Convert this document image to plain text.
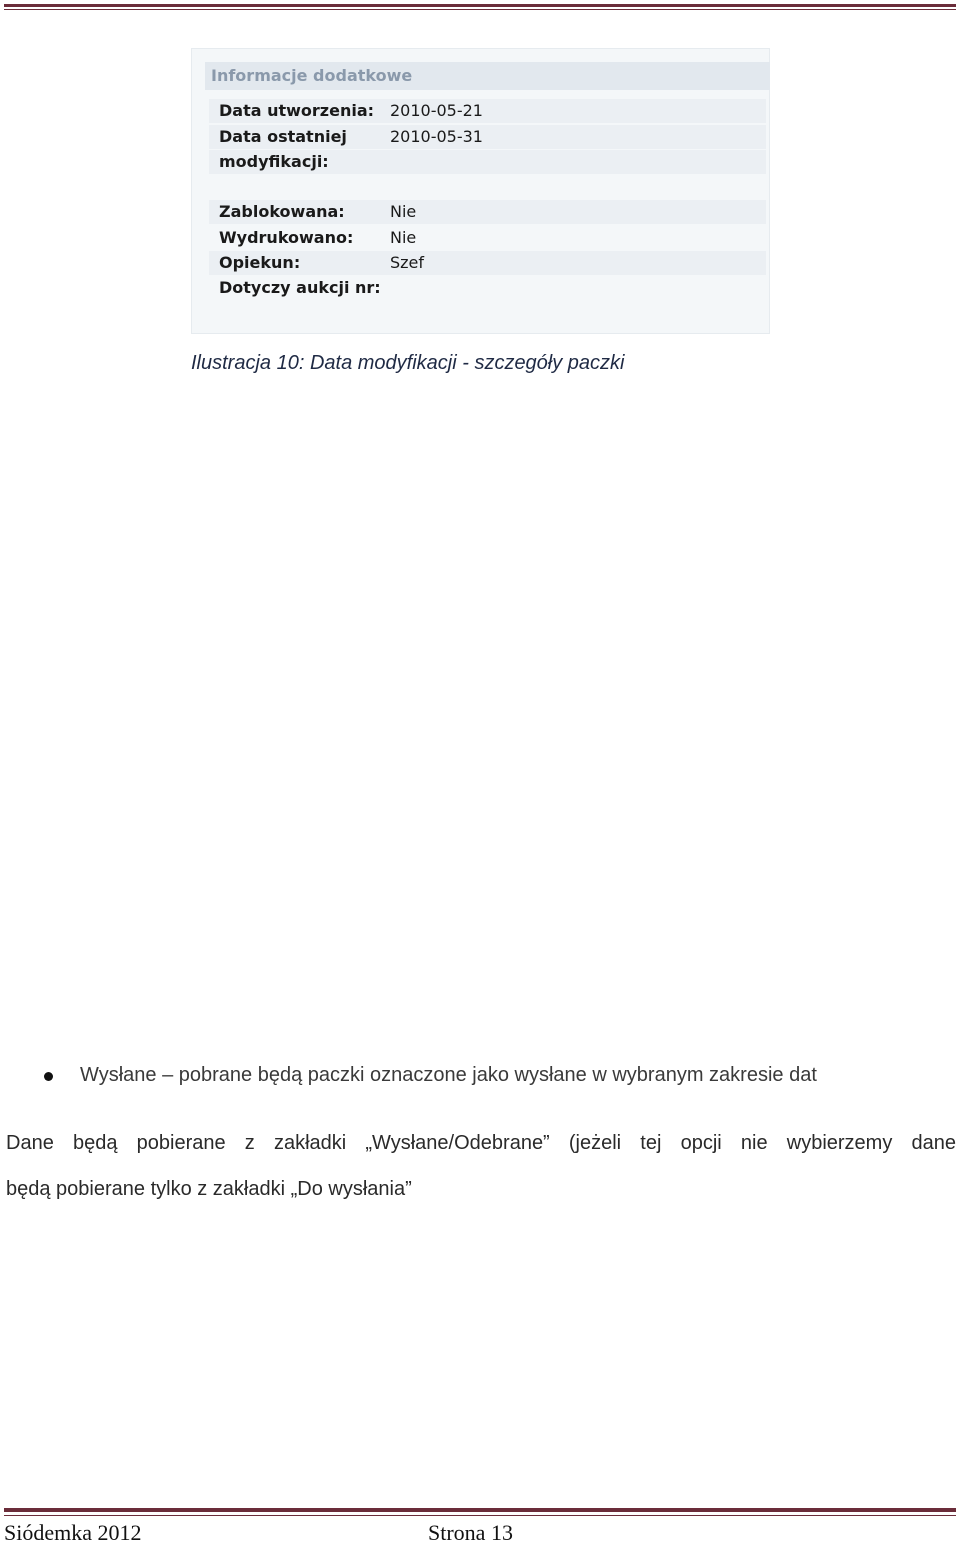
Informacje dodatkowe
Data utworzenia: 2010-05-21
Data ostatniej	2010-05-31
modyfikacji:
Zablokowana:	Nie
Wydrukowano: Nie
Opiekun:	Szef
Dotyczy aukcji nr:
Ilustracja 10: Data modyfikacji - szczegóły paczki
Wysłane – pobrane będą paczki oznaczone jako wysłane w wybranym zakresie dat
Dane będą pobierane z zakładki „Wysłane/Odebrane” (jeżeli tej opcji nie wybierzemy dane
będą pobierane tylko z zakładki „Do wysłania”
Siódemka 2012	Strona 13
